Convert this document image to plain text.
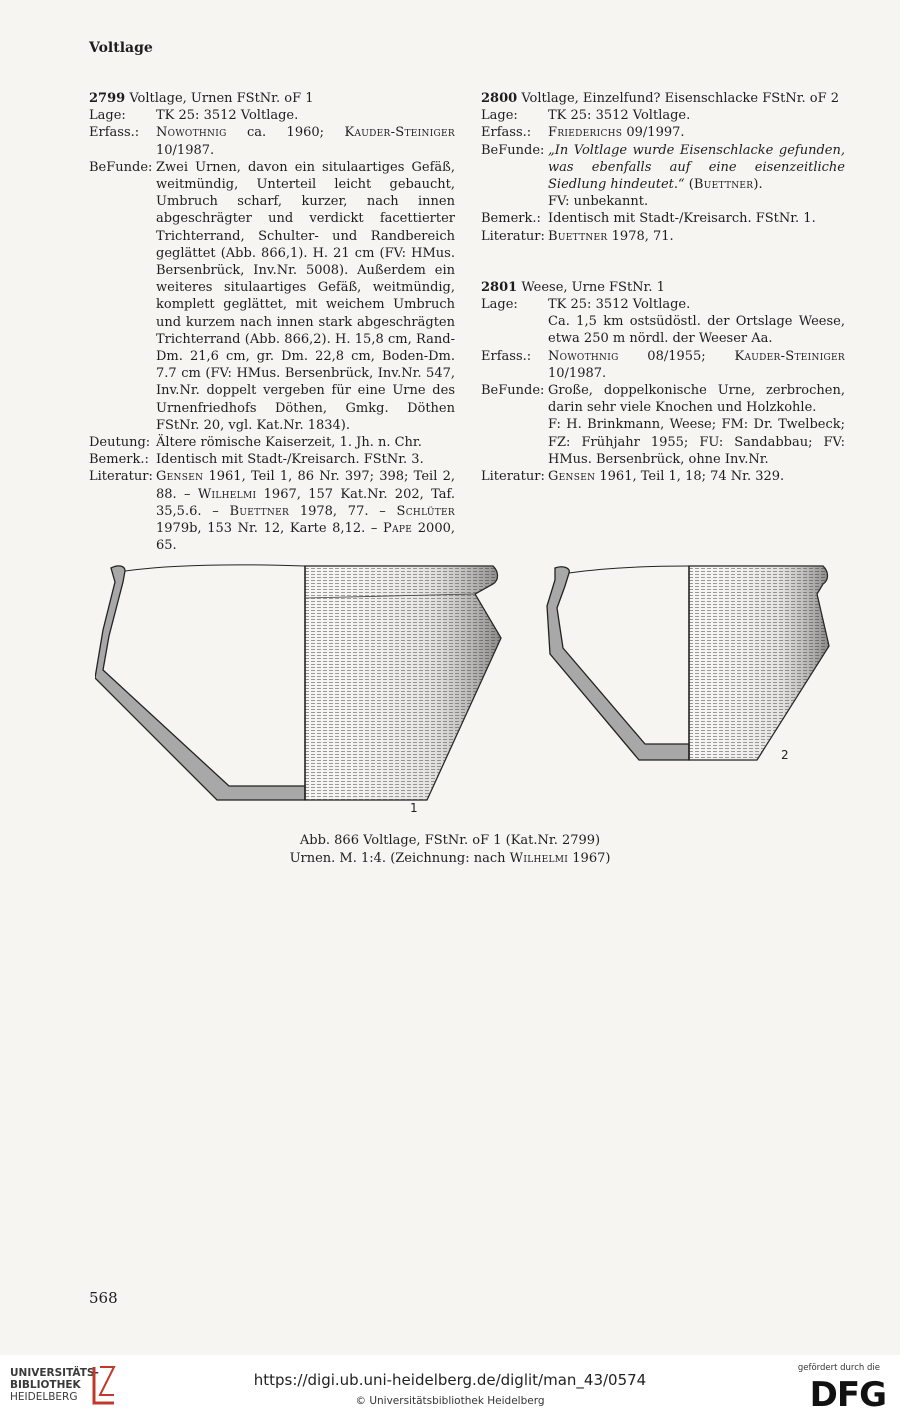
Voltlage
2799 Voltlage, Urnen FStNr. oF 1
Lage:	TK 25: 3512 Voltlage.
Erfass.:	Nowothnig ca. 1960; Kauder-Steiniger 10/1987.
BeFunde: Zwei Urnen, davon ein situlaartiges Gefäß, weitmündig, Unterteil leicht gebaucht, Umbruch scharf, kurzer, nach innen abgeschrägter und verdickt facettierter Trichterrand, Schulter- und Randbereich geglättet (Abb. 866,1). H. 21 cm (FV: HMus. Bersenbrück, Inv.Nr. 5008). Außerdem ein weiteres situlaartiges Gefäß, weitmündig, komplett geglättet, mit weichem Umbruch und kurzem nach innen stark abgeschrägten Trichterrand (Abb. 866,2). H. 15,8 cm, Rand-Dm. 21,6 cm, gr. Dm. 22,8 cm, Boden-Dm. 7.7 cm (FV: HMus. Bersenbrück, Inv.Nr. 547, Inv.Nr. doppelt vergeben für eine Urne des Urnenfriedhofs Döthen, Gmkg. Döthen FStNr. 20, vgl. Kat.Nr. 1834).
Deutung: Ältere römische Kaiserzeit, 1. Jh. n. Chr.
Bemerk.: Identisch mit Stadt-/Kreisarch. FStNr. 3.
Literatur: Gensen 1961, Teil 1, 86 Nr. 397; 398; Teil 2, 88. – Wilhelmi 1967, 157 Kat.Nr. 202, Taf. 35,5.6. – Buettner 1978, 77. – Schlüter 1979b, 153 Nr. 12, Karte 8,12. – Pape 2000, 65.
2800 Voltlage, Einzelfund? Eisenschlacke FStNr. oF 2
Lage:	TK 25: 3512 Voltlage.
Erfass.:	Friederichs 09/1997.
BeFunde: „In Voltlage wurde Eisenschlacke gefunden, was ebenfalls auf eine eisenzeitliche Siedlung hindeutet.“ (Buettner).
FV: unbekannt.
Bemerk.: Identisch mit Stadt-/Kreisarch. FStNr. 1.
Literatur: Buettner 1978, 71.
2801 Weese, Urne FStNr. 1
Lage:	TK 25: 3512 Voltlage.
Ca. 1,5 km ostsüdöstl. der Ortslage Weese, etwa 250 m nördl. der Weeser Aa.
Erfass.:	Nowothnig 08/1955; Kauder-Steiniger 10/1987.
BeFunde: Große, doppelkonische Urne, zerbrochen, darin sehr viele Knochen und Holzkohle.
F: H. Brinkmann, Weese; FM: Dr. Twelbeck; FZ: Frühjahr 1955; FU: Sandabbau; FV: HMus. Bersenbrück, ohne Inv.Nr.
Literatur: Gensen 1961, Teil 1, 18; 74 Nr. 329.
1
2
Abb. 866 Voltlage, FStNr. oF 1 (Kat.Nr. 2799)
Urnen. M. 1:4. (Zeichnung: nach Wilhelmi 1967)
568
UNIVERSITÄTS-
BIBLIOTHEK
HEIDELBERG
https://digi.ub.uni-heidelberg.de/diglit/man_43/0574
© Universitätsbibliothek Heidelberg
gefördert durch die
DFG
